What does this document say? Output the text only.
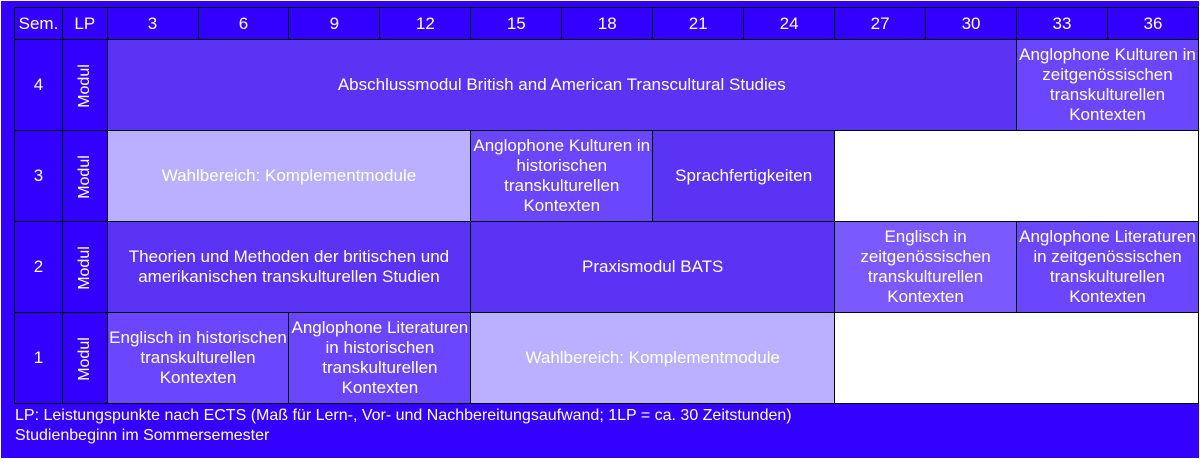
Sem.	LP	3	6	9	12	15	18	21	24	27	30	33	36
4	Modul	Abschlussmodul British and American Transcultural Studies										Anglophone Kulturen in zeitgenössischen transkulturellen Kontexten	
3	Modul	Wahlbereich: Komplementmodule				Anglophone Kulturen in historischen transkulturellen Kontexten		Sprachfertigkeiten					
2	Modul	Theorien und Methoden der britischen und amerikanischen transkulturellen Studien				Praxismodul BATS				Englisch in zeitgenössischen transkulturellen Kontexten		Anglophone Literaturen in zeitgenössischen transkulturellen Kontexten	
1	Modul	Englisch in historischen transkulturellen Kontexten		Anglophone Literaturen in historischen transkulturellen Kontexten		Wahlbereich: Komplementmodule							
LP: Leistungspunkte nach ECTS (Maß für Lern-, Vor- und Nachbereitungsaufwand; 1LP = ca. 30 Zeitstunden)
Studienbeginn im Sommersemester
